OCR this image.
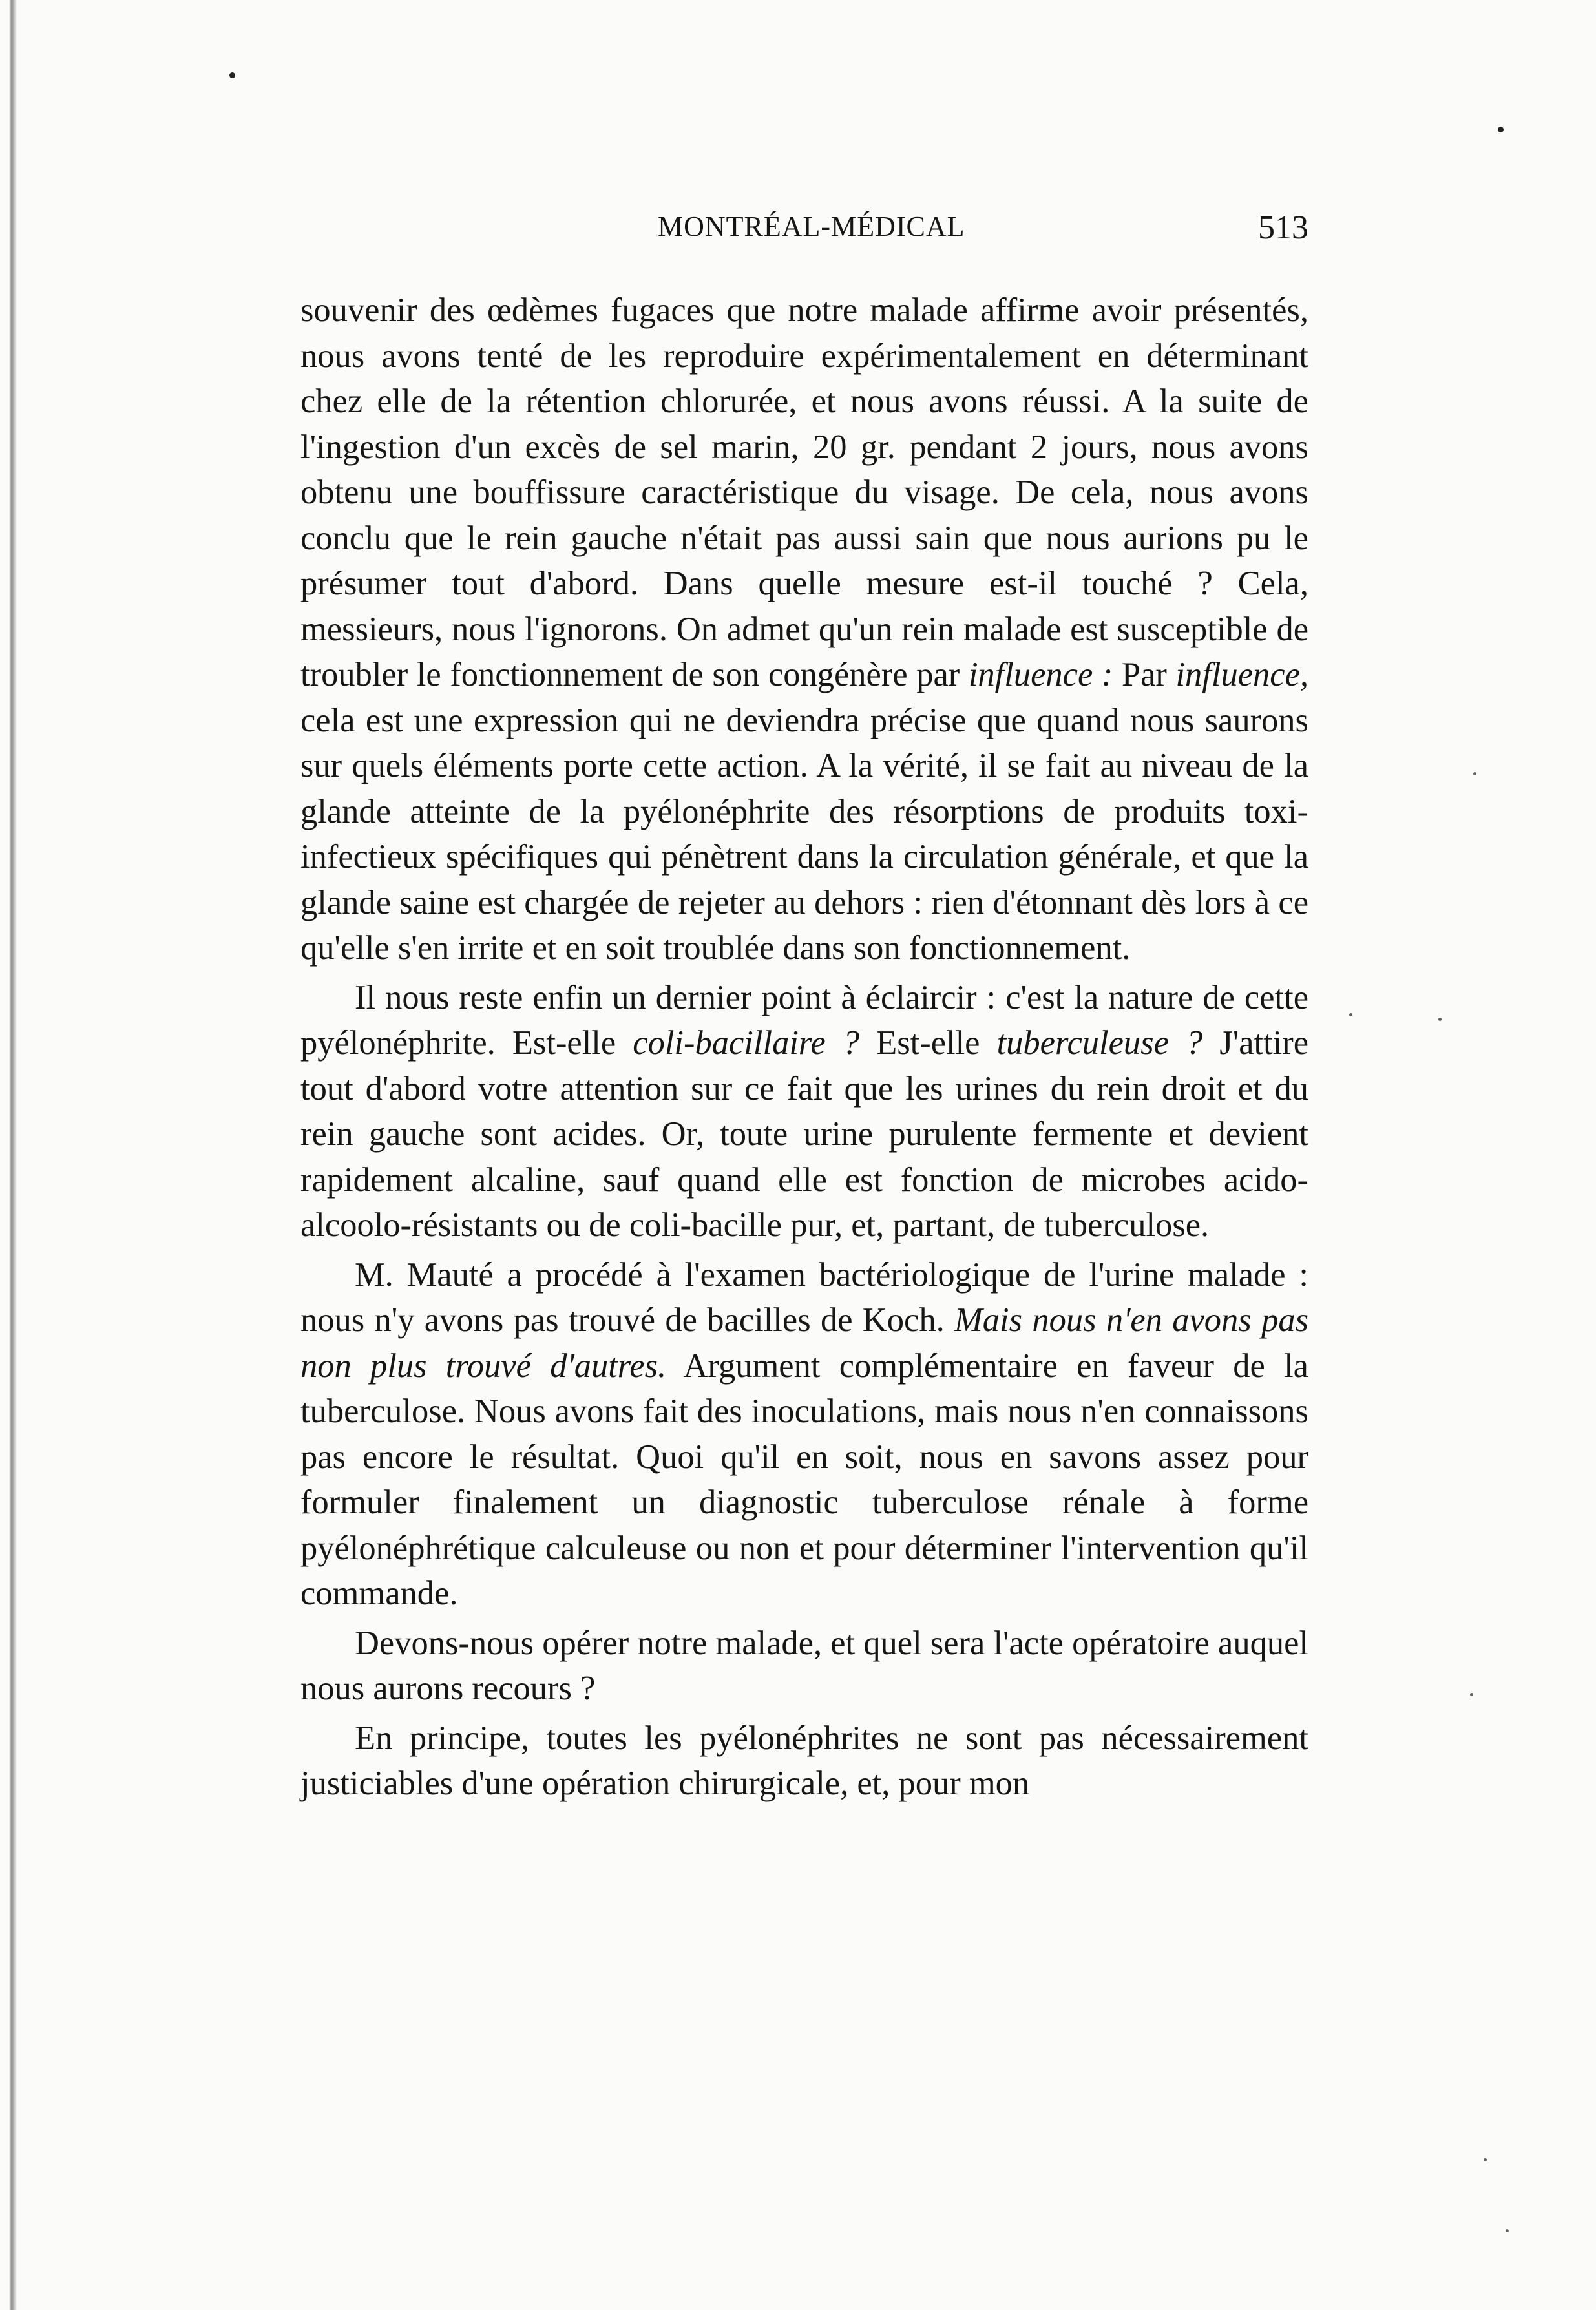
MONTRÉAL-MÉDICAL	513

souvenir des œdèmes fugaces que notre malade affirme avoir présentés, nous avons tenté de les reproduire expérimentalement en déterminant chez elle de la rétention chlorurée, et nous avons réussi. A la suite de l'ingestion d'un excès de sel marin, 20 gr. pendant 2 jours, nous avons obtenu une bouffissure caractéristique du visage. De cela, nous avons conclu que le rein gauche n'était pas aussi sain que nous aurions pu le présumer tout d'abord. Dans quelle mesure est-il touché ? Cela, messieurs, nous l'ignorons. On admet qu'un rein malade est susceptible de troubler le fonctionnement de son congénère par influence : Par influence, cela est une expression qui ne deviendra précise que quand nous saurons sur quels éléments porte cette action. A la vérité, il se fait au niveau de la glande atteinte de la pyélonéphrite des résorptions de produits toxi-infectieux spécifiques qui pénètrent dans la circulation générale, et que la glande saine est chargée de rejeter au dehors : rien d'étonnant dès lors à ce qu'elle s'en irrite et en soit troublée dans son fonctionnement.

Il nous reste enfin un dernier point à éclaircir : c'est la nature de cette pyélonéphrite. Est-elle coli-bacillaire ? Est-elle tuberculeuse ? J'attire tout d'abord votre attention sur ce fait que les urines du rein droit et du rein gauche sont acides. Or, toute urine purulente fermente et devient rapidement alcaline, sauf quand elle est fonction de microbes acido-alcoolo-résistants ou de coli-bacille pur, et, partant, de tuberculose.

M. Mauté a procédé à l'examen bactériologique de l'urine malade : nous n'y avons pas trouvé de bacilles de Koch. Mais nous n'en avons pas non plus trouvé d'autres. Argument complémentaire en faveur de la tuberculose. Nous avons fait des inoculations, mais nous n'en connaissons pas encore le résultat. Quoi qu'il en soit, nous en savons assez pour formuler finalement un diagnostic tuberculose rénale à forme pyélonéphrétique calculeuse ou non et pour déterminer l'intervention qu'il commande.

Devons-nous opérer notre malade, et quel sera l'acte opératoire auquel nous aurons recours ?

En principe, toutes les pyélonéphrites ne sont pas nécessairement justiciables d'une opération chirurgicale, et, pour mon
